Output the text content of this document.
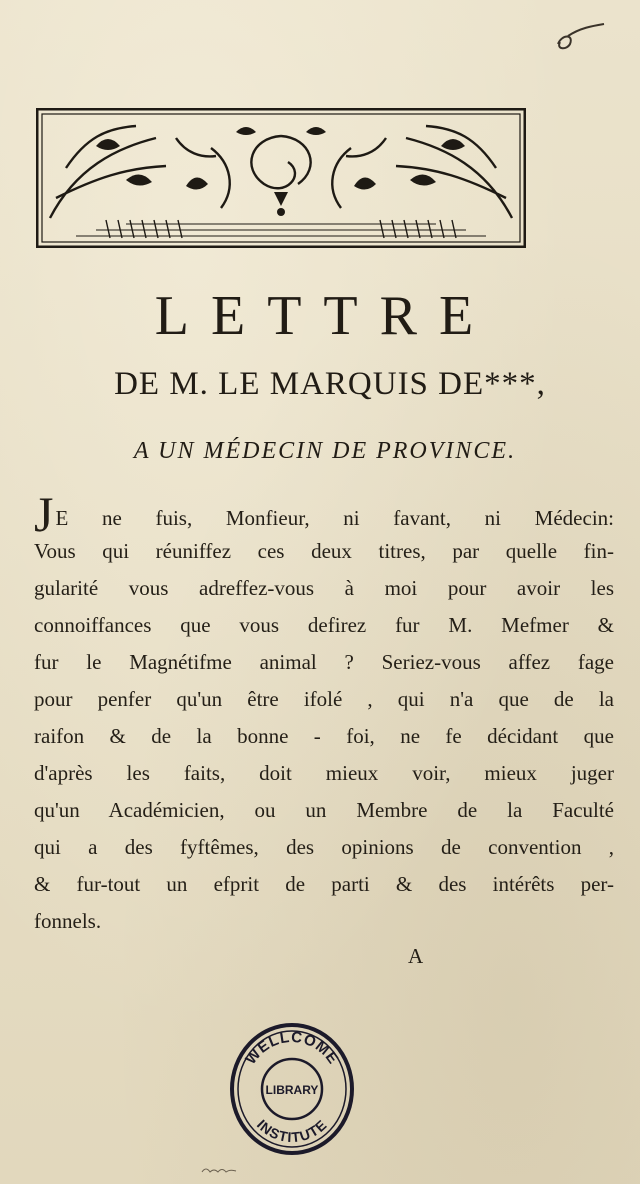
LETTRE
DE M. LE MARQUIS DE***,
A UN MÉDECIN DE PROVINCE.
JE ne fuis, Monfieur, ni favant, ni Médecin:
Vous qui réuniffez ces deux titres, par quelle fin-
gularité vous adreffez-vous à moi pour avoir les
connoiffances que vous defirez fur M. Mefmer &
fur le Magnétifme animal ? Seriez-vous affez fage
pour penfer qu'un être ifolé , qui n'a que de la
raifon & de la bonne - foi, ne fe décidant que
d'après les faits, doit mieux voir, mieux juger
qu'un Académicien, ou un Membre de la Faculté
qui a des fyftêmes, des opinions de convention ,
& fur-tout un efprit de parti & des intérêts per-
fonnels.
A
WELLCOME
LIBRARY
INSTITUTE
